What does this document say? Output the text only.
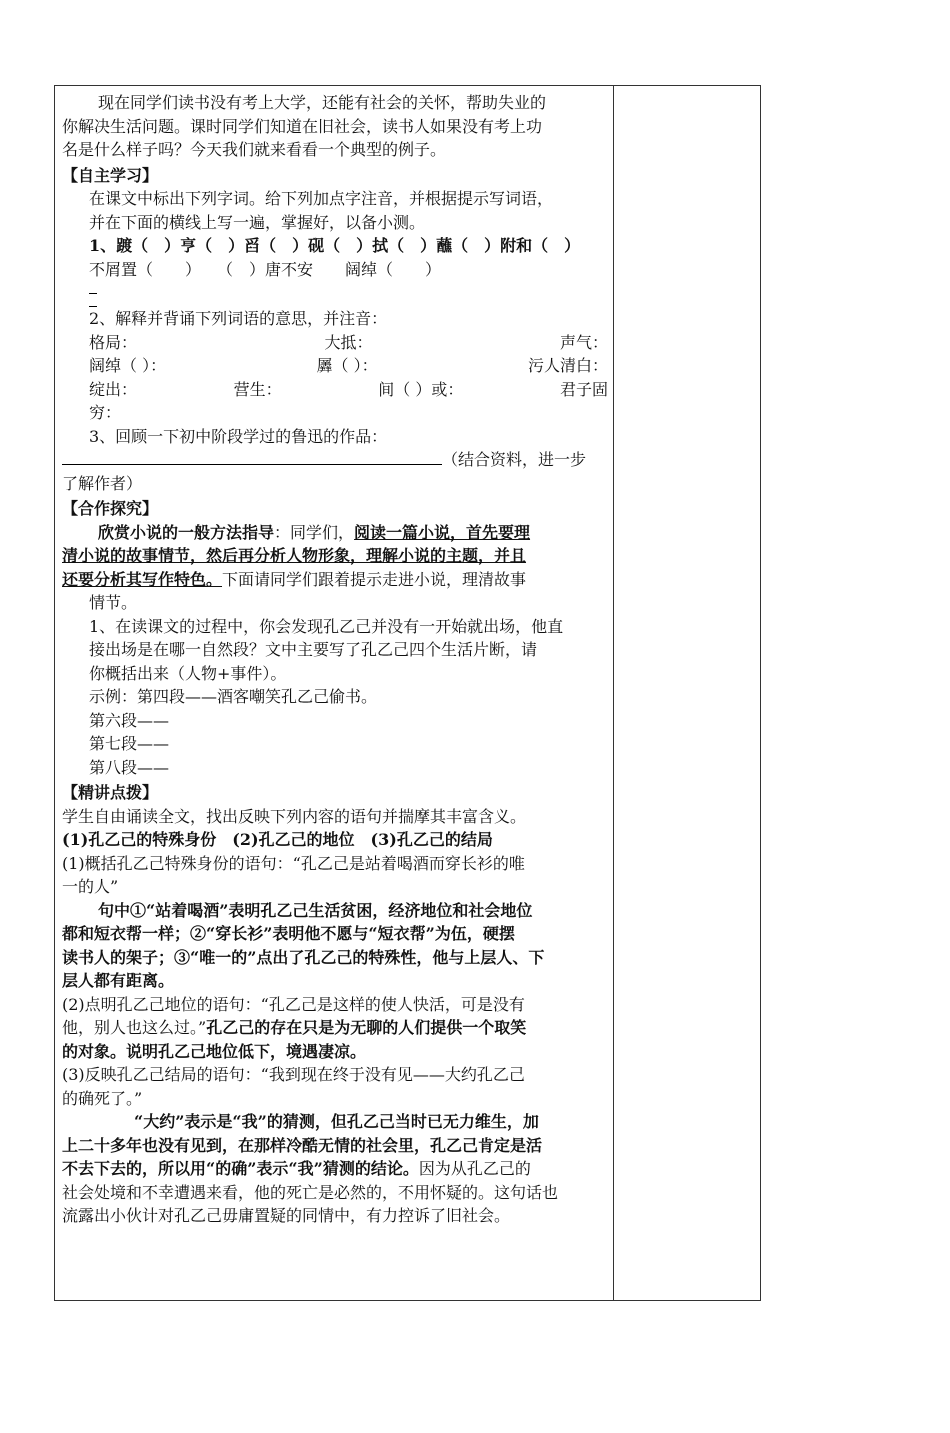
现在同学们读书没有考上大学，还能有社会的关怀，帮助失业的
你解决生活问题。课时同学们知道在旧社会，读书人如果没有考上功
名是什么样子吗？今天我们就来看看一个典型的例子。
【自主学习】
在课文中标出下列字词。给下列加点字注音，并根据提示写词语，
并在下面的横线上写一遍，掌握好，以备小测。
1、踱（　）亨（　）舀（　）砚（　）拭（　）蘸（　）附和（　）
不屑置（　　）　　（　）唐不安　　阔绰（　　）
2、解释并背诵下列词语的意思，并注音：
格局：	大抵：	声气：
阔绰（ ）：	羼（ ）：	污人清白：
绽出：	营生：	间（ ）或：	君子固
穷：
3、回顾一下初中阶段学过的鲁迅的作品：
（结合资料，进一步
了解作者）
【合作探究】
欣赏小说的一般方法指导：同学们，阅读一篇小说，首先要理
清小说的故事情节，然后再分析人物形象，理解小说的主题，并且
还要分析其写作特色。下面请同学们跟着提示走进小说，理清故事
情节。
1、在读课文的过程中，你会发现孔乙己并没有一开始就出场，他直
接出场是在哪一自然段？文中主要写了孔乙己四个生活片断，请
你概括出来（人物+事件）。
示例：第四段——酒客嘲笑孔乙己偷书。
第六段——
第七段——
第八段——
【精讲点拨】
学生自由诵读全文，找出反映下列内容的语句并揣摩其丰富含义。
(1)孔乙己的特殊身份　(2)孔乙己的地位　(3)孔乙己的结局
(1)概括孔乙己特殊身份的语句：“孔乙己是站着喝酒而穿长衫的唯
一的人”
句中①“站着喝酒”表明孔乙己生活贫困，经济地位和社会地位
都和短衣帮一样；②“穿长衫”表明他不愿与“短衣帮”为伍，硬摆
读书人的架子；③“唯一的”点出了孔乙己的特殊性，他与上层人、下
层人都有距离。
(2)点明孔乙己地位的语句：“孔乙己是这样的使人快活，可是没有
他，别人也这么过。”孔乙己的存在只是为无聊的人们提供一个取笑
的对象。说明孔乙己地位低下，境遇凄凉。
(3)反映孔乙己结局的语句：“我到现在终于没有见——大约孔乙己
的确死了。”
“大约”表示是“我”的猜测，但孔乙己当时已无力维生，加
上二十多年也没有见到，在那样冷酷无情的社会里，孔乙己肯定是活
不去下去的，所以用“的确”表示“我”猜测的结论。因为从孔乙己的
社会处境和不幸遭遇来看，他的死亡是必然的，不用怀疑的。这句话也
流露出小伙计对孔乙己毋庸置疑的同情中，有力控诉了旧社会。
